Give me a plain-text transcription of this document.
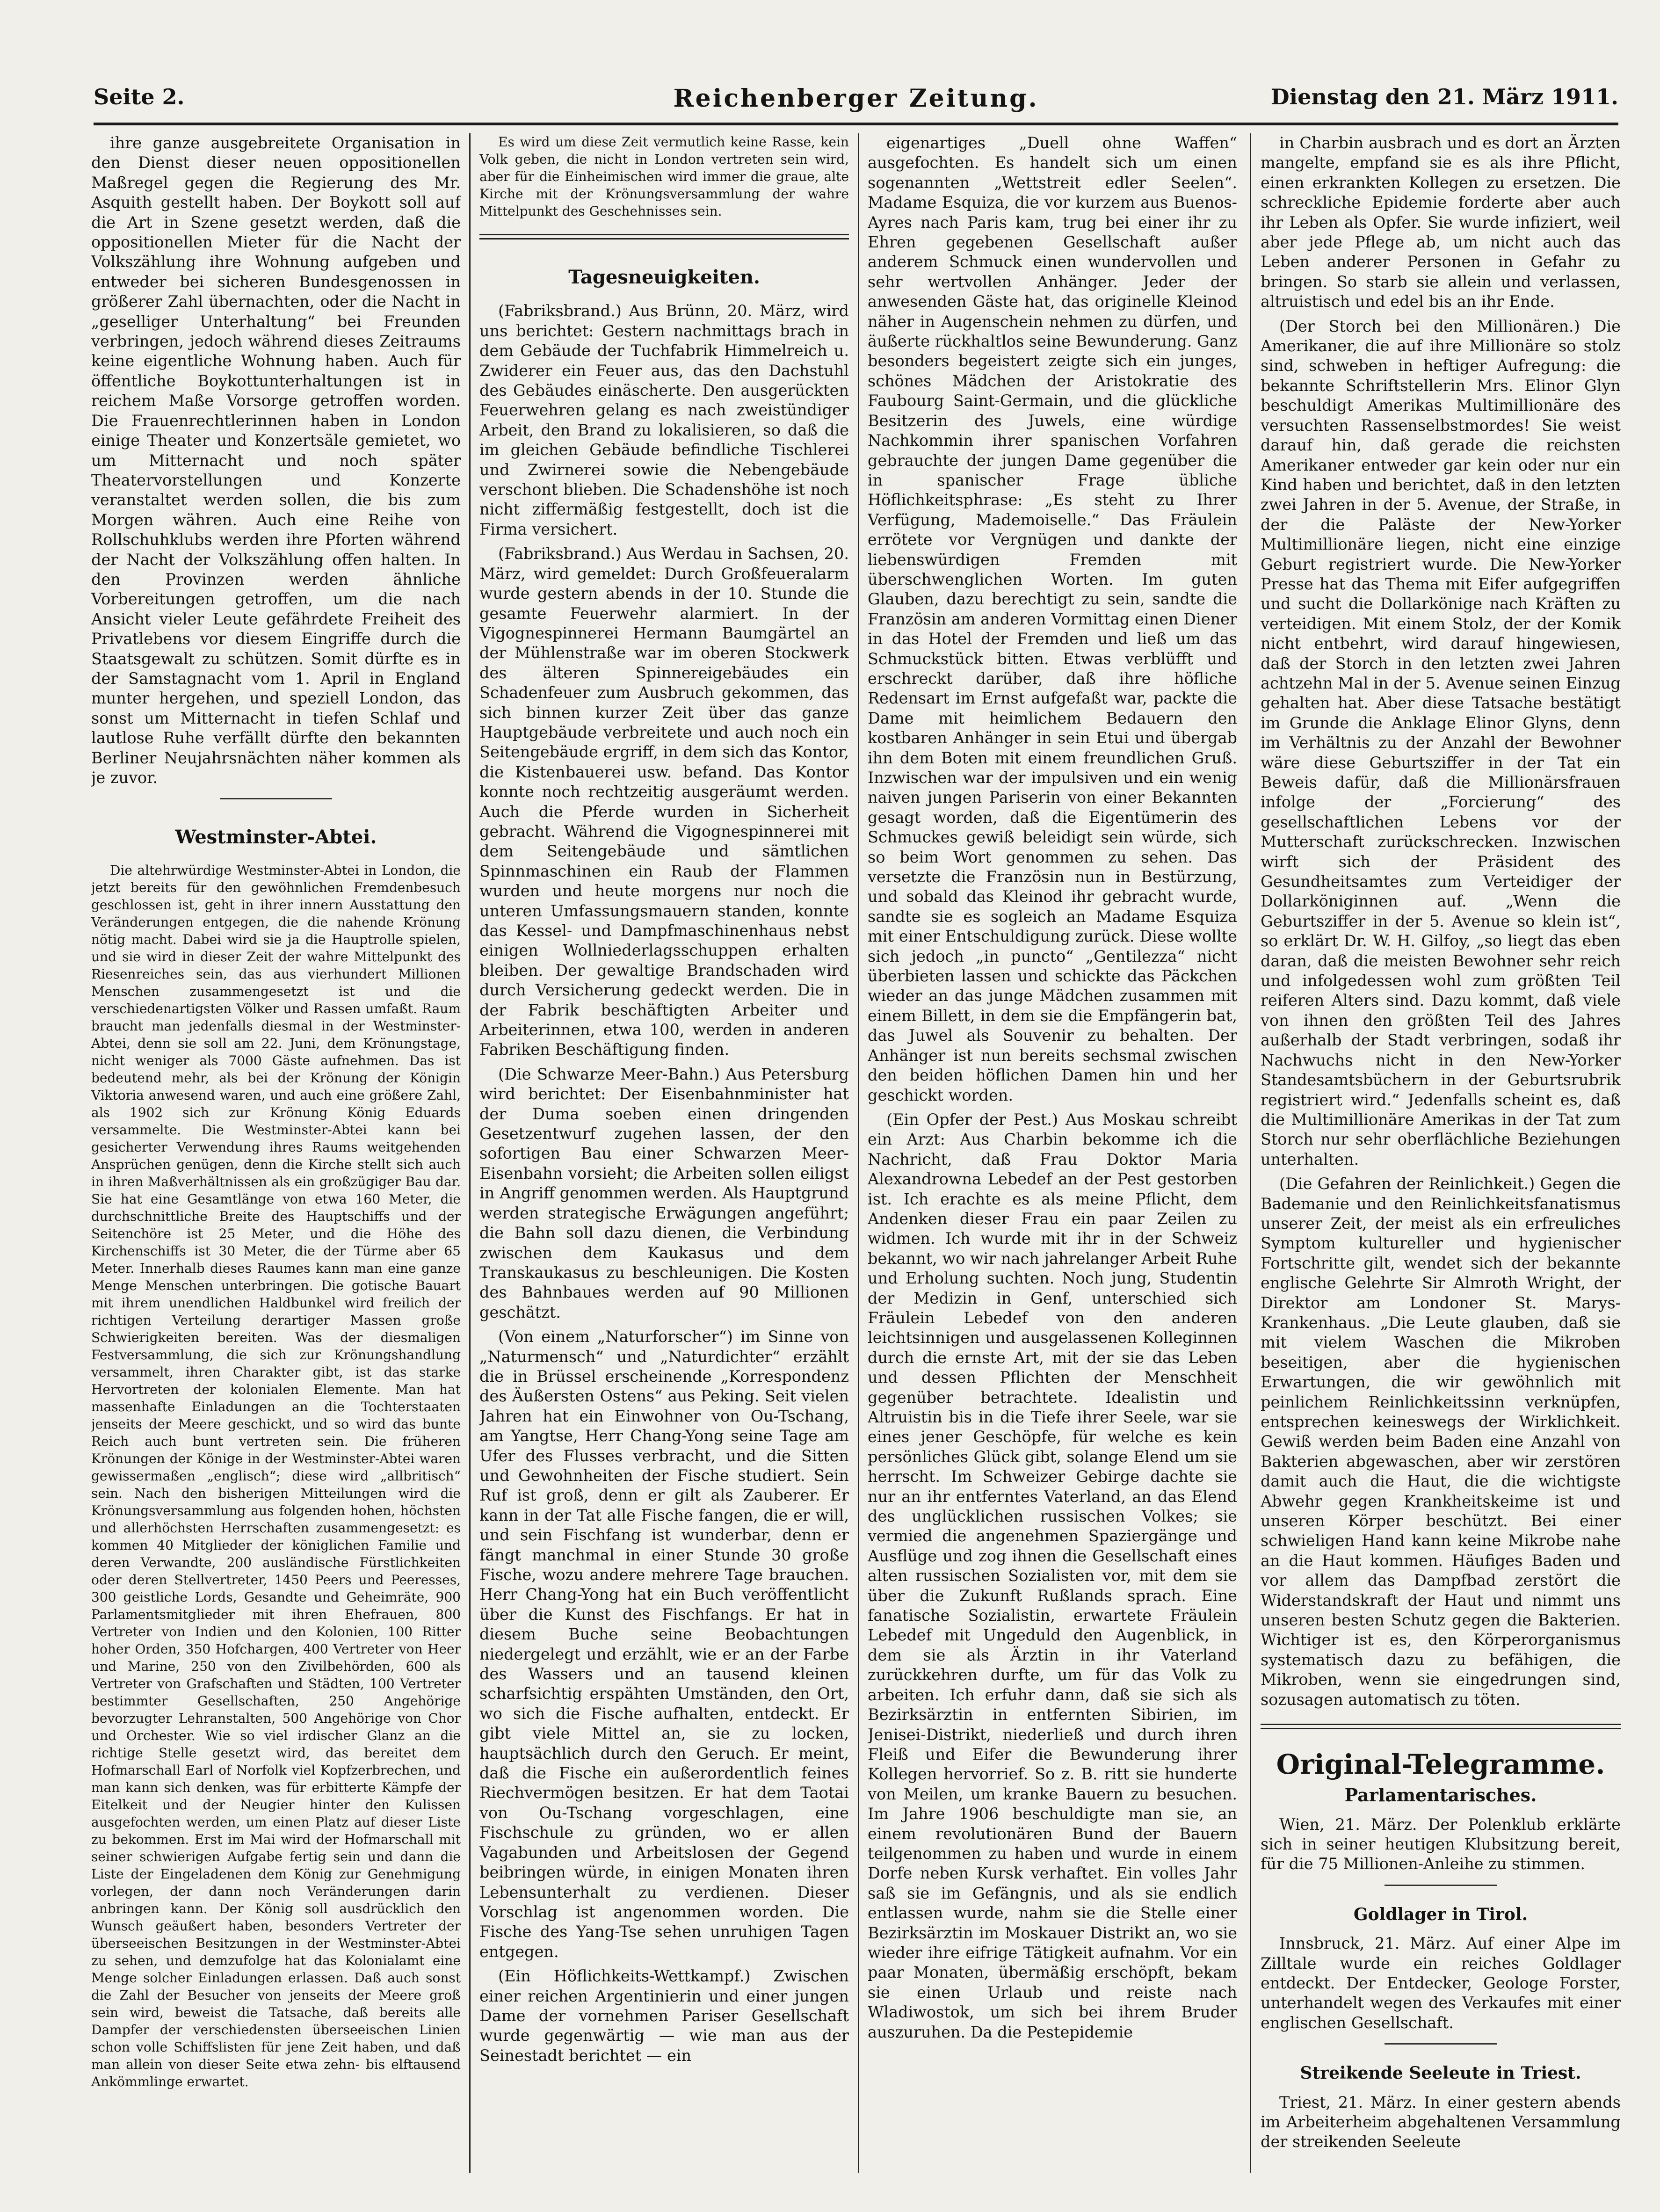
Seite 2.	Reichenberger Zeitung.	Dienstag den 21. März 1911.

ihre ganze ausgebreitete Organisation in den Dienst dieser neuen oppositionellen Maßregel gegen die Regierung des Mr. Asquith gestellt haben. Der Boykott soll auf die Art in Szene gesetzt werden, daß die oppositionellen Mieter für die Nacht der Volkszählung ihre Wohnung aufgeben und entweder bei sicheren Bundesgenossen in größerer Zahl übernachten, oder die Nacht in „geselliger Unterhaltung“ bei Freunden verbringen, jedoch während dieses Zeitraums keine eigentliche Wohnung haben. Auch für öffentliche Boykottunterhaltungen ist in reichem Maße Vorsorge getroffen worden. Die Frauenrechtlerinnen haben in London einige Theater und Konzertsäle gemietet, wo um Mitternacht und noch später Theatervorstellungen und Konzerte veranstaltet werden sollen, die bis zum Morgen währen. Auch eine Reihe von Rollschuhklubs werden ihre Pforten während der Nacht der Volkszählung offen halten. In den Provinzen werden ähnliche Vorbereitungen getroffen, um die nach Ansicht vieler Leute gefährdete Freiheit des Privatlebens vor diesem Eingriffe durch die Staatsgewalt zu schützen. Somit dürfte es in der Samstagnacht vom 1. April in England munter hergehen, und speziell London, das sonst um Mitternacht in tiefen Schlaf und lautlose Ruhe verfällt dürfte den bekannten Berliner Neujahrsnächten näher kommen als je zuvor.

Westminster-Abtei.

Die altehrwürdige Westminster-Abtei in London, die jetzt bereits für den gewöhnlichen Fremdenbesuch geschlossen ist, geht in ihrer innern Ausstattung den Veränderungen entgegen, die die nahende Krönung nötig macht. Dabei wird sie ja die Hauptrolle spielen, und sie wird in dieser Zeit der wahre Mittelpunkt des Riesenreiches sein, das aus vierhundert Millionen Menschen zusammengesetzt ist und die verschiedenartigsten Völker und Rassen umfaßt. Raum braucht man jedenfalls diesmal in der Westminster-Abtei, denn sie soll am 22. Juni, dem Krönungstage, nicht weniger als 7000 Gäste aufnehmen. Das ist bedeutend mehr, als bei der Krönung der Königin Viktoria anwesend waren, und auch eine größere Zahl, als 1902 sich zur Krönung König Eduards versammelte. Die Westminster-Abtei kann bei gesicherter Verwendung ihres Raums weitgehenden Ansprüchen genügen, denn die Kirche stellt sich auch in ihren Maßverhältnissen als ein großzügiger Bau dar. Sie hat eine Gesamtlänge von etwa 160 Meter, die durchschnittliche Breite des Hauptschiffs und der Seitenchöre ist 25 Meter, und die Höhe des Kirchenschiffs ist 30 Meter, die der Türme aber 65 Meter. Innerhalb dieses Raumes kann man eine ganze Menge Menschen unterbringen. Die gotische Bauart mit ihrem unendlichen Haldbunkel wird freilich der richtigen Verteilung derartiger Massen große Schwierigkeiten bereiten. Was der diesmaligen Festversammlung, die sich zur Krönungshandlung versammelt, ihren Charakter gibt, ist das starke Hervortreten der kolonialen Elemente. Man hat massenhafte Einladungen an die Tochterstaaten jenseits der Meere geschickt, und so wird das bunte Reich auch bunt vertreten sein. Die früheren Krönungen der Könige in der Westminster-Abtei waren gewissermaßen „englisch“; diese wird „allbritisch“ sein. Nach den bisherigen Mitteilungen wird die Krönungsversammlung aus folgenden hohen, höchsten und allerhöchsten Herrschaften zusammengesetzt: es kommen 40 Mitglieder der königlichen Familie und deren Verwandte, 200 ausländische Fürstlichkeiten oder deren Stellvertreter, 1450 Peers und Peeresses, 300 geistliche Lords, Gesandte und Geheimräte, 900 Parlamentsmitglieder mit ihren Ehefrauen, 800 Vertreter von Indien und den Kolonien, 100 Ritter hoher Orden, 350 Hofchargen, 400 Vertreter von Heer und Marine, 250 von den Zivilbehörden, 600 als Vertreter von Grafschaften und Städten, 100 Vertreter bestimmter Gesellschaften, 250 Angehörige bevorzugter Lehranstalten, 500 Angehörige von Chor und Orchester. Wie so viel irdischer Glanz an die richtige Stelle gesetzt wird, das bereitet dem Hofmarschall Earl of Norfolk viel Kopfzerbrechen, und man kann sich denken, was für erbitterte Kämpfe der Eitelkeit und der Neugier hinter den Kulissen ausgefochten werden, um einen Platz auf dieser Liste zu bekommen. Erst im Mai wird der Hofmarschall mit seiner schwierigen Aufgabe fertig sein und dann die Liste der Eingeladenen dem König zur Genehmigung vorlegen, der dann noch Veränderungen darin anbringen kann. Der König soll ausdrücklich den Wunsch geäußert haben, besonders Vertreter der überseeischen Besitzungen in der Westminster-Abtei zu sehen, und demzufolge hat das Kolonialamt eine Menge solcher Einladungen erlassen. Daß auch sonst die Zahl der Besucher von jenseits der Meere groß sein wird, beweist die Tatsache, daß bereits alle Dampfer der verschiedensten überseeischen Linien schon volle Schiffslisten für jene Zeit haben, und daß man allein von dieser Seite etwa zehn- bis elftausend Ankömmlinge erwartet.

Es wird um diese Zeit vermutlich keine Rasse, kein Volk geben, die nicht in London vertreten sein wird, aber für die Einheimischen wird immer die graue, alte Kirche mit der Krönungsversammlung der wahre Mittelpunkt des Geschehnisses sein.

Tagesneuigkeiten.

(Fabriksbrand.) Aus Brünn, 20. März, wird uns berichtet: Gestern nachmittags brach in dem Gebäude der Tuchfabrik Himmelreich u. Zwiderer ein Feuer aus, das den Dachstuhl des Gebäudes einäscherte. Den ausgerückten Feuerwehren gelang es nach zweistündiger Arbeit, den Brand zu lokalisieren, so daß die im gleichen Gebäude befindliche Tischlerei und Zwirnerei sowie die Nebengebäude verschont blieben. Die Schadenshöhe ist noch nicht ziffermäßig festgestellt, doch ist die Firma versichert.

(Fabriksbrand.) Aus Werdau in Sachsen, 20. März, wird gemeldet: Durch Großfeueralarm wurde gestern abends in der 10. Stunde die gesamte Feuerwehr alarmiert. In der Vigognespinnerei Hermann Baumgärtel an der Mühlenstraße war im oberen Stockwerk des älteren Spinnereigebäudes ein Schadenfeuer zum Ausbruch gekommen, das sich binnen kurzer Zeit über das ganze Hauptgebäude verbreitete und auch noch ein Seitengebäude ergriff, in dem sich das Kontor, die Kistenbauerei usw. befand. Das Kontor konnte noch rechtzeitig ausgeräumt werden. Auch die Pferde wurden in Sicherheit gebracht. Während die Vigognespinnerei mit dem Seitengebäude und sämtlichen Spinnmaschinen ein Raub der Flammen wurden und heute morgens nur noch die unteren Umfassungsmauern standen, konnte das Kessel- und Dampfmaschinenhaus nebst einigen Wollniederlagsschuppen erhalten bleiben. Der gewaltige Brandschaden wird durch Versicherung gedeckt werden. Die in der Fabrik beschäftigten Arbeiter und Arbeiterinnen, etwa 100, werden in anderen Fabriken Beschäftigung finden.

(Die Schwarze Meer-Bahn.) Aus Petersburg wird berichtet: Der Eisenbahnminister hat der Duma soeben einen dringenden Gesetzentwurf zugehen lassen, der den sofortigen Bau einer Schwarzen Meer-Eisenbahn vorsieht; die Arbeiten sollen eiligst in Angriff genommen werden. Als Hauptgrund werden strategische Erwägungen angeführt; die Bahn soll dazu dienen, die Verbindung zwischen dem Kaukasus und dem Transkaukasus zu beschleunigen. Die Kosten des Bahnbaues werden auf 90 Millionen geschätzt.

(Von einem „Naturforscher“) im Sinne von „Naturmensch“ und „Naturdichter“ erzählt die in Brüssel erscheinende „Korrespondenz des Äußersten Ostens“ aus Peking. Seit vielen Jahren hat ein Einwohner von Ou-Tschang, am Yangtse, Herr Chang-Yong seine Tage am Ufer des Flusses verbracht, und die Sitten und Gewohnheiten der Fische studiert. Sein Ruf ist groß, denn er gilt als Zauberer. Er kann in der Tat alle Fische fangen, die er will, und sein Fischfang ist wunderbar, denn er fängt manchmal in einer Stunde 30 große Fische, wozu andere mehrere Tage brauchen. Herr Chang-Yong hat ein Buch veröffentlicht über die Kunst des Fischfangs. Er hat in diesem Buche seine Beobachtungen niedergelegt und erzählt, wie er an der Farbe des Wassers und an tausend kleinen scharfsichtig erspähten Umständen, den Ort, wo sich die Fische aufhalten, entdeckt. Er gibt viele Mittel an, sie zu locken, hauptsächlich durch den Geruch. Er meint, daß die Fische ein außerordentlich feines Riechvermögen besitzen. Er hat dem Taotai von Ou-Tschang vorgeschlagen, eine Fischschule zu gründen, wo er allen Vagabunden und Arbeitslosen der Gegend beibringen würde, in einigen Monaten ihren Lebensunterhalt zu verdienen. Dieser Vorschlag ist angenommen worden. Die Fische des Yang-Tse sehen unruhigen Tagen entgegen.

(Ein Höflichkeits-Wettkampf.) Zwischen einer reichen Argentinierin und einer jungen Dame der vornehmen Pariser Gesellschaft wurde gegenwärtig — wie man aus der Seinestadt berichtet — ein

eigenartiges „Duell ohne Waffen“ ausgefochten. Es handelt sich um einen sogenannten „Wettstreit edler Seelen“. Madame Esquiza, die vor kurzem aus Buenos-Ayres nach Paris kam, trug bei einer ihr zu Ehren gegebenen Gesellschaft außer anderem Schmuck einen wundervollen und sehr wertvollen Anhänger. Jeder der anwesenden Gäste hat, das originelle Kleinod näher in Augenschein nehmen zu dürfen, und äußerte rückhaltlos seine Bewunderung. Ganz besonders begeistert zeigte sich ein junges, schönes Mädchen der Aristokratie des Faubourg Saint-Germain, und die glückliche Besitzerin des Juwels, eine würdige Nachkommin ihrer spanischen Vorfahren gebrauchte der jungen Dame gegenüber die in spanischer Frage übliche Höflichkeitsphrase: „Es steht zu Ihrer Verfügung, Mademoiselle.“ Das Fräulein errötete vor Vergnügen und dankte der liebenswürdigen Fremden mit überschwenglichen Worten. Im guten Glauben, dazu berechtigt zu sein, sandte die Französin am anderen Vormittag einen Diener in das Hotel der Fremden und ließ um das Schmuckstück bitten. Etwas verblüfft und erschreckt darüber, daß ihre höfliche Redensart im Ernst aufgefaßt war, packte die Dame mit heimlichem Bedauern den kostbaren Anhänger in sein Etui und übergab ihn dem Boten mit einem freundlichen Gruß. Inzwischen war der impulsiven und ein wenig naiven jungen Pariserin von einer Bekannten gesagt worden, daß die Eigentümerin des Schmuckes gewiß beleidigt sein würde, sich so beim Wort genommen zu sehen. Das versetzte die Französin nun in Bestürzung, und sobald das Kleinod ihr gebracht wurde, sandte sie es sogleich an Madame Esquiza mit einer Entschuldigung zurück. Diese wollte sich jedoch „in puncto“ „Gentilezza“ nicht überbieten lassen und schickte das Päckchen wieder an das junge Mädchen zusammen mit einem Billett, in dem sie die Empfängerin bat, das Juwel als Souvenir zu behalten. Der Anhänger ist nun bereits sechsmal zwischen den beiden höflichen Damen hin und her geschickt worden.

(Ein Opfer der Pest.) Aus Moskau schreibt ein Arzt: Aus Charbin bekomme ich die Nachricht, daß Frau Doktor Maria Alexandrowna Lebedef an der Pest gestorben ist. Ich erachte es als meine Pflicht, dem Andenken dieser Frau ein paar Zeilen zu widmen. Ich wurde mit ihr in der Schweiz bekannt, wo wir nach jahrelanger Arbeit Ruhe und Erholung suchten. Noch jung, Studentin der Medizin in Genf, unterschied sich Fräulein Lebedef von den anderen leichtsinnigen und ausgelassenen Kolleginnen durch die ernste Art, mit der sie das Leben und dessen Pflichten der Menschheit gegenüber betrachtete. Idealistin und Altruistin bis in die Tiefe ihrer Seele, war sie eines jener Geschöpfe, für welche es kein persönliches Glück gibt, solange Elend um sie herrscht. Im Schweizer Gebirge dachte sie nur an ihr entferntes Vaterland, an das Elend des unglücklichen russischen Volkes; sie vermied die angenehmen Spaziergänge und Ausflüge und zog ihnen die Gesellschaft eines alten russischen Sozialisten vor, mit dem sie über die Zukunft Rußlands sprach. Eine fanatische Sozialistin, erwartete Fräulein Lebedef mit Ungeduld den Augenblick, in dem sie als Ärztin in ihr Vaterland zurückkehren durfte, um für das Volk zu arbeiten. Ich erfuhr dann, daß sie sich als Bezirksärztin in entfernten Sibirien, im Jenisei-Distrikt, niederließ und durch ihren Fleiß und Eifer die Bewunderung ihrer Kollegen hervorrief. So z. B. ritt sie hunderte von Meilen, um kranke Bauern zu besuchen. Im Jahre 1906 beschuldigte man sie, an einem revolutionären Bund der Bauern teilgenommen zu haben und wurde in einem Dorfe neben Kursk verhaftet. Ein volles Jahr saß sie im Gefängnis, und als sie endlich entlassen wurde, nahm sie die Stelle einer Bezirksärztin im Moskauer Distrikt an, wo sie wieder ihre eifrige Tätigkeit aufnahm. Vor ein paar Monaten, übermäßig erschöpft, bekam sie einen Urlaub und reiste nach Wladiwostok, um sich bei ihrem Bruder auszuruhen. Da die Pestepidemie

in Charbin ausbrach und es dort an Ärzten mangelte, empfand sie es als ihre Pflicht, einen erkrankten Kollegen zu ersetzen. Die schreckliche Epidemie forderte aber auch ihr Leben als Opfer. Sie wurde infiziert, weil aber jede Pflege ab, um nicht auch das Leben anderer Personen in Gefahr zu bringen. So starb sie allein und verlassen, altruistisch und edel bis an ihr Ende.

(Der Storch bei den Millionären.) Die Amerikaner, die auf ihre Millionäre so stolz sind, schweben in heftiger Aufregung: die bekannte Schriftstellerin Mrs. Elinor Glyn beschuldigt Amerikas Multimillionäre des versuchten Rassenselbstmordes! Sie weist darauf hin, daß gerade die reichsten Amerikaner entweder gar kein oder nur ein Kind haben und berichtet, daß in den letzten zwei Jahren in der 5. Avenue, der Straße, in der die Paläste der New-Yorker Multimillionäre liegen, nicht eine einzige Geburt registriert wurde. Die New-Yorker Presse hat das Thema mit Eifer aufgegriffen und sucht die Dollarkönige nach Kräften zu verteidigen. Mit einem Stolz, der der Komik nicht entbehrt, wird darauf hingewiesen, daß der Storch in den letzten zwei Jahren achtzehn Mal in der 5. Avenue seinen Einzug gehalten hat. Aber diese Tatsache bestätigt im Grunde die Anklage Elinor Glyns, denn im Verhältnis zu der Anzahl der Bewohner wäre diese Geburtsziffer in der Tat ein Beweis dafür, daß die Millionärsfrauen infolge der „Forcierung“ des gesellschaftlichen Lebens vor der Mutterschaft zurückschrecken. Inzwischen wirft sich der Präsident des Gesundheitsamtes zum Verteidiger der Dollarköniginnen auf. „Wenn die Geburtsziffer in der 5. Avenue so klein ist“, so erklärt Dr. W. H. Gilfoy, „so liegt das eben daran, daß die meisten Bewohner sehr reich und infolgedessen wohl zum größten Teil reiferen Alters sind. Dazu kommt, daß viele von ihnen den größten Teil des Jahres außerhalb der Stadt verbringen, sodaß ihr Nachwuchs nicht in den New-Yorker Standesamtsbüchern in der Geburtsrubrik registriert wird.“ Jedenfalls scheint es, daß die Multimillionäre Amerikas in der Tat zum Storch nur sehr oberflächliche Beziehungen unterhalten.

(Die Gefahren der Reinlichkeit.) Gegen die Bademanie und den Reinlichkeitsfanatismus unserer Zeit, der meist als ein erfreuliches Symptom kultureller und hygienischer Fortschritte gilt, wendet sich der bekannte englische Gelehrte Sir Almroth Wright, der Direktor am Londoner St. Marys-Krankenhaus. „Die Leute glauben, daß sie mit vielem Waschen die Mikroben beseitigen, aber die hygienischen Erwartungen, die wir gewöhnlich mit peinlichem Reinlichkeitssinn verknüpfen, entsprechen keineswegs der Wirklichkeit. Gewiß werden beim Baden eine Anzahl von Bakterien abgewaschen, aber wir zerstören damit auch die Haut, die die wichtigste Abwehr gegen Krankheitskeime ist und unseren Körper beschützt. Bei einer schwieligen Hand kann keine Mikrobe nahe an die Haut kommen. Häufiges Baden und vor allem das Dampfbad zerstört die Widerstandskraft der Haut und nimmt uns unseren besten Schutz gegen die Bakterien. Wichtiger ist es, den Körperorganismus systematisch dazu zu befähigen, die Mikroben, wenn sie eingedrungen sind, sozusagen automatisch zu töten.

Original-Telegramme.
Parlamentarisches.

Wien, 21. März. Der Polenklub erklärte sich in seiner heutigen Klubsitzung bereit, für die 75 Millionen-Anleihe zu stimmen.

Goldlager in Tirol.

Innsbruck, 21. März. Auf einer Alpe im Zilltale wurde ein reiches Goldlager entdeckt. Der Entdecker, Geologe Forster, unterhandelt wegen des Verkaufes mit einer englischen Gesellschaft.

Streikende Seeleute in Triest.

Triest, 21. März. In einer gestern abends im Arbeiterheim abgehaltenen Versammlung der streikenden Seeleute
